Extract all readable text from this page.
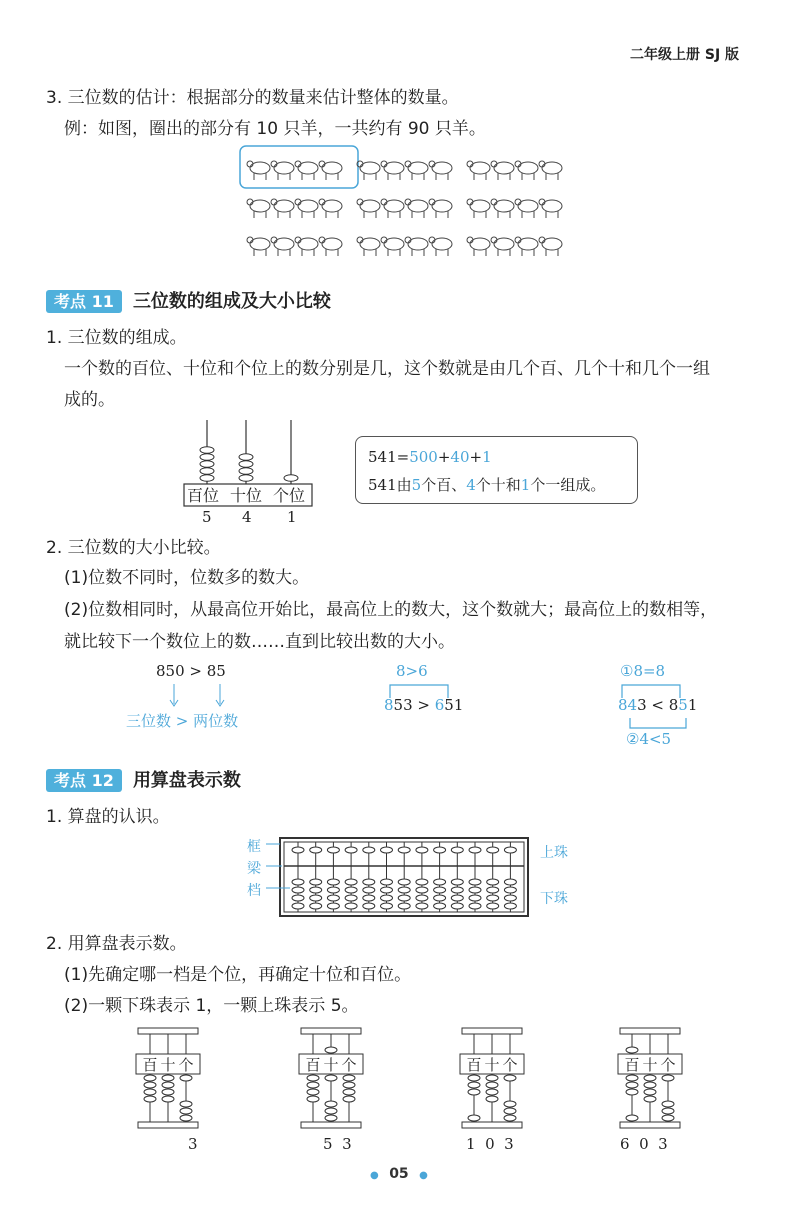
二年级上册 SJ 版
3. 三位数的估计：根据部分的数量来估计整体的数量。
例：如图，圈出的部分有 10 只羊，一共约有 90 只羊。
考点 11 三位数的组成及大小比较
1. 三位数的组成。
一个数的百位、十位和个位上的数分别是几，这个数就是由几个百、几个十和几个一组
成的。
百位 十位 个位
5 4 1
541=500+40+1
541由5个百、4个十和1个一组成。
2. 三位数的大小比较。
(1)位数不同时，位数多的数大。
(2)位数相同时，从最高位开始比，最高位上的数大，这个数就大；最高位上的数相等，
就比较下一个数位上的数……直到比较出数的大小。
850 > 85
三位数 > 两位数
8>6
853 > 651
①8=8
843 < 851
②4<5
考点 12 用算盘表示数
1. 算盘的认识。
框
梁
档
上珠
下珠
2. 用算盘表示数。
(1)先确定哪一档是个位，再确定十位和百位。
(2)一颗下珠表示 1，一颗上珠表示 5。
百 十 个	百 十 个	百 十 个	百 十 个
3	5  3	1  0  3	6  0  3
● 05 ●
